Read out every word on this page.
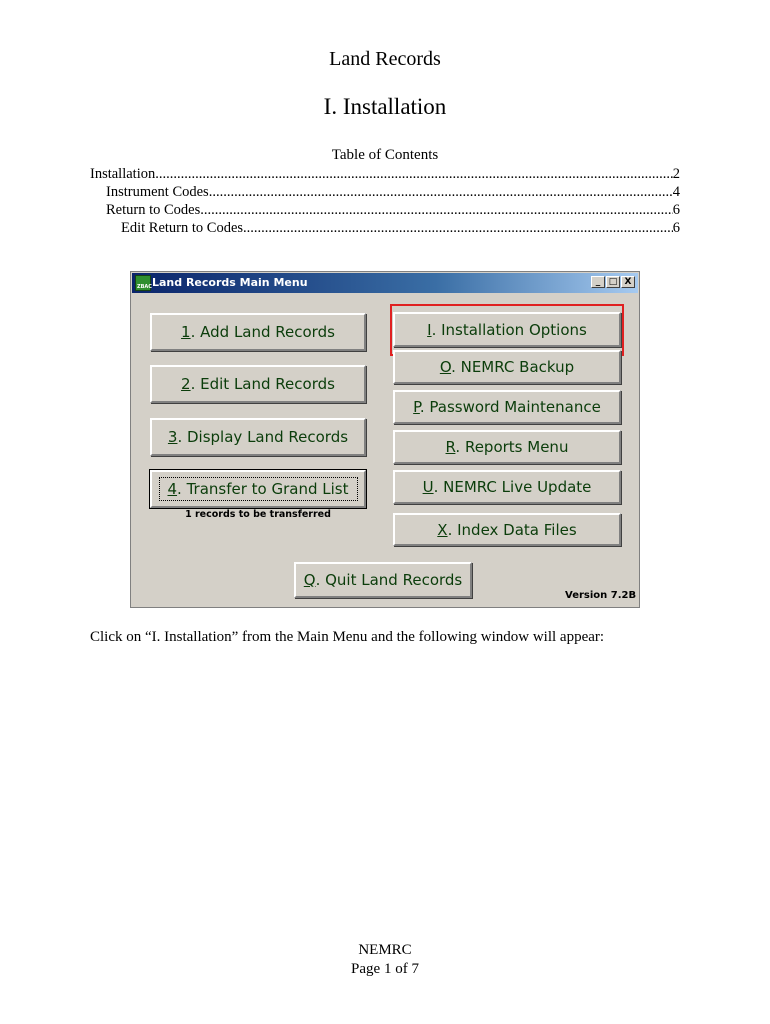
Land Records
I. Installation
Table of Contents
Installation .....	2
Instrument Codes .....	4
Return to Codes .....	6
Edit Return to Codes .....	6
ZBAC Land Records Main Menu	_ □ X
1. Add Land Records
2. Edit Land Records
3. Display Land Records
4. Transfer to Grand List
1 records to be transferred
I. Installation Options
O. NEMRC Backup
P. Password Maintenance
R. Reports Menu
U. NEMRC Live Update
X. Index Data Files
Q. Quit Land Records
Version 7.2B
Click on “I. Installation” from the Main Menu and the following window will appear:
NEMRC
Page 1 of 7
